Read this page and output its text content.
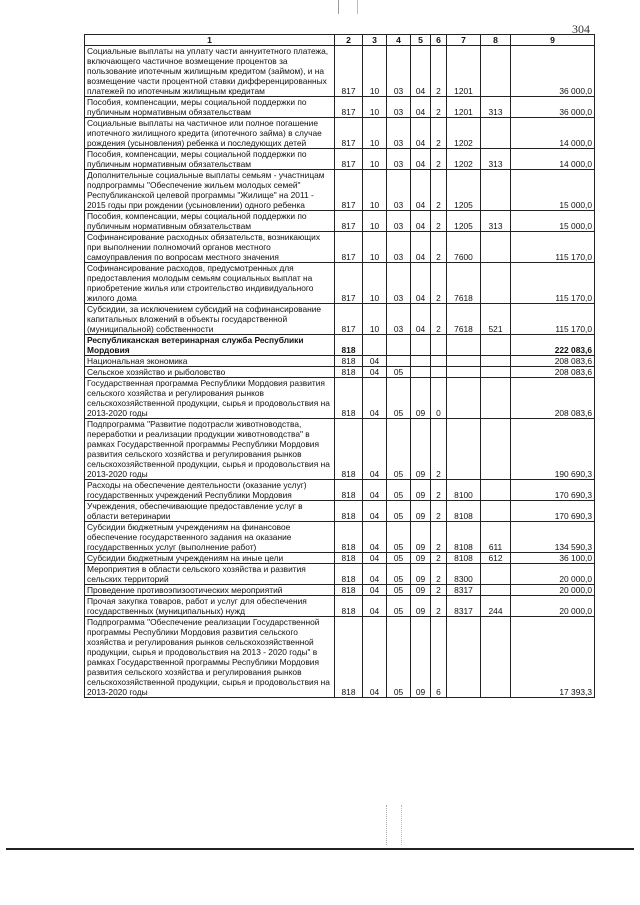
304
1	2	3	4	5	6	7	8	9
Социальные выплаты на уплату части аннуитетного платежа, включающего частичное возмещение процентов за пользование ипотечным жилищным кредитом (займом), и на возмещение части процентной ставки дифференцированных платежей по ипотечным жилищным кредитам	817	10	03	04	2	1201		36 000,0
Пособия, компенсации, меры социальной поддержки по публичным нормативным обязательствам	817	10	03	04	2	1201	313	36 000,0
Социальные выплаты на частичное или полное погашение ипотечного жилищного кредита (ипотечного займа) в случае рождения (усыновления) ребенка и последующих детей	817	10	03	04	2	1202		14 000,0
Пособия, компенсации, меры социальной поддержки по публичным нормативным обязательствам	817	10	03	04	2	1202	313	14 000,0
Дополнительные социальные выплаты семьям - участницам подпрограммы "Обеспечение жильем молодых семей" Республиканской целевой программы "Жилище" на 2011 - 2015 годы при рождении (усыновлении) одного ребенка	817	10	03	04	2	1205		15 000,0
Пособия, компенсации, меры социальной поддержки по публичным нормативным обязательствам	817	10	03	04	2	1205	313	15 000,0
Софинансирование расходных обязательств, возникающих при выполнении полномочий органов местного самоуправления по вопросам местного значения	817	10	03	04	2	7600		115 170,0
Софинансирование расходов, предусмотренных для предоставления молодым семьям социальных выплат на приобретение жилья или строительство индивидуального жилого дома	817	10	03	04	2	7618		115 170,0
Субсидии, за исключением субсидий на софинансирование капитальных вложений в объекты государственной (муниципальной) собственности	817	10	03	04	2	7618	521	115 170,0
Республиканская ветеринарная служба Республики Мордовия	818							222 083,6
Национальная экономика	818	04						208 083,6
Сельское хозяйство и рыболовство	818	04	05					208 083,6
Государственная программа Республики Мордовия развития сельского хозяйства и регулирования рынков сельскохозяйственной продукции, сырья и продовольствия на 2013-2020 годы	818	04	05	09	0			208 083,6
Подпрограмма "Развитие подотрасли животноводства, переработки и реализации продукции животноводства" в рамках Государственной программы Республики Мордовия развития сельского хозяйства и регулирования рынков сельскохозяйственной продукции, сырья и продовольствия на 2013-2020 годы	818	04	05	09	2			190 690,3
Расходы на обеспечение деятельности (оказание услуг) государственных учреждений Республики Мордовия	818	04	05	09	2	8100		170 690,3
Учреждения, обеспечивающие предоставление услуг в области ветеринарии	818	04	05	09	2	8108		170 690,3
Субсидии бюджетным учреждениям на финансовое обеспечение государственного задания на оказание государственных услуг (выполнение работ)	818	04	05	09	2	8108	611	134 590,3
Субсидии бюджетным учреждениям на иные цели	818	04	05	09	2	8108	612	36 100,0
Мероприятия в области сельского хозяйства и развития сельских территорий	818	04	05	09	2	8300		20 000,0
Проведение противоэпизоотических мероприятий	818	04	05	09	2	8317		20 000,0
Прочая закупка товаров, работ и услуг для обеспечения государственных (муниципальных) нужд	818	04	05	09	2	8317	244	20 000,0
Подпрограмма "Обеспечение реализации Государственной программы Республики Мордовия развития сельского хозяйства и регулирования рынков сельскохозяйственной продукции, сырья и продовольствия на 2013 - 2020 годы" в рамках Государственной программы Республики Мордовия развития сельского хозяйства и регулирования рынков сельскохозяйственной продукции, сырья и продовольствия на 2013-2020 годы	818	04	05	09	6			17 393,3
